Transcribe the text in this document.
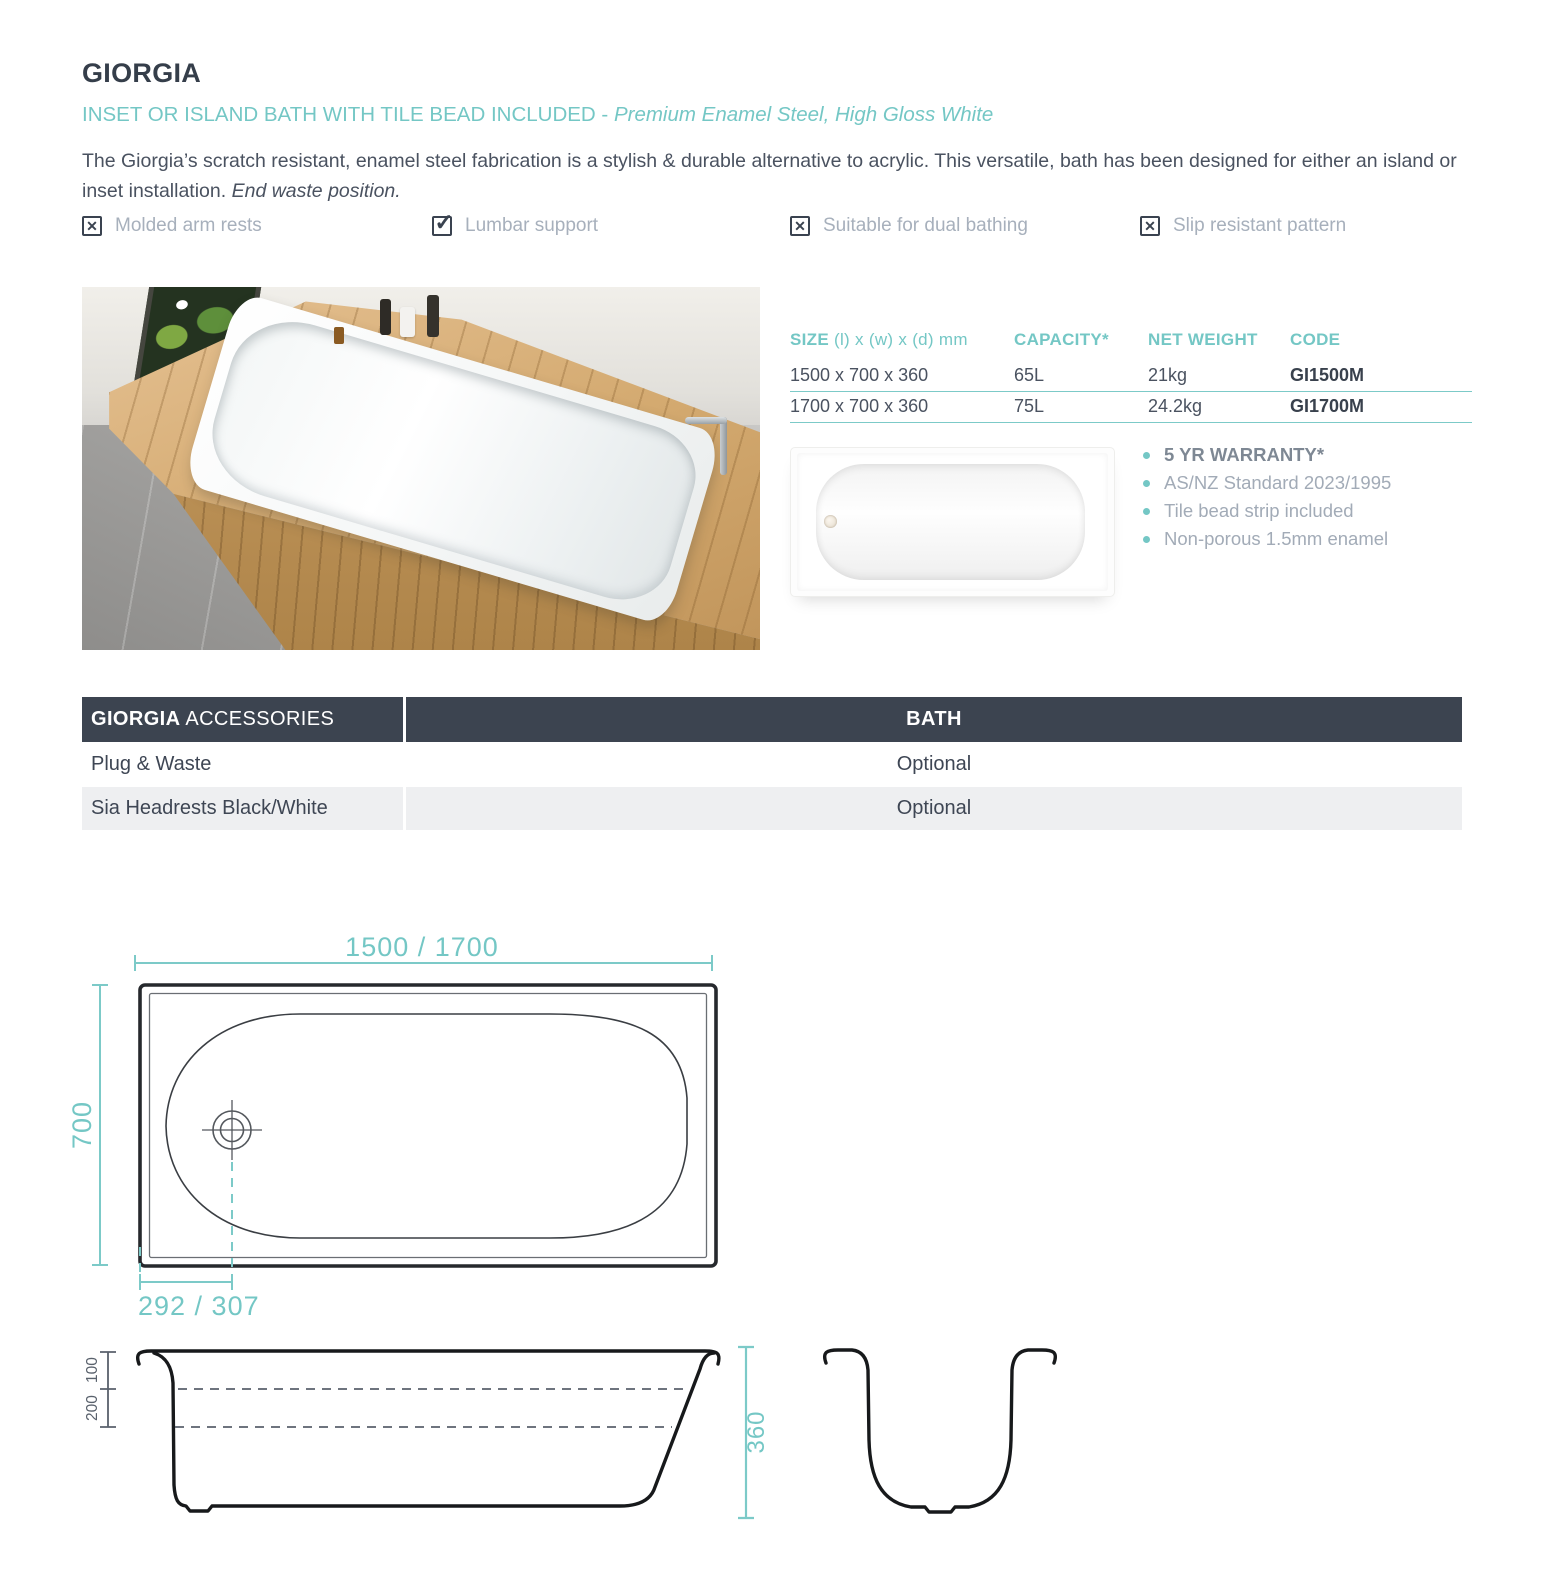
GIORGIA
INSET OR ISLAND BATH WITH TILE BEAD INCLUDED - Premium Enamel Steel, High Gloss White
The Giorgia’s scratch resistant, enamel steel fabrication is a stylish & durable alternative to acrylic. This versatile, bath has been designed for either an island or inset installation. End waste position.
✕ Molded arm rests	✓ Lumbar support	✕ Suitable for dual bathing	✕ Slip resistant pattern
SIZE (l) x (w) x (d) mm	CAPACITY*	NET WEIGHT	CODE
1500 x 700 x 360	65L	21kg	GI1500M
1700 x 700 x 360	75L	24.2kg	GI1700M
5 YR WARRANTY*
AS/NZ Standard 2023/1995
Tile bead strip included
Non-porous 1.5mm enamel
GIORGIA ACCESSORIES	BATH
Plug & Waste	Optional
Sia Headrests Black/White	Optional
1500 / 1700
700
292 / 307
100
200
360
